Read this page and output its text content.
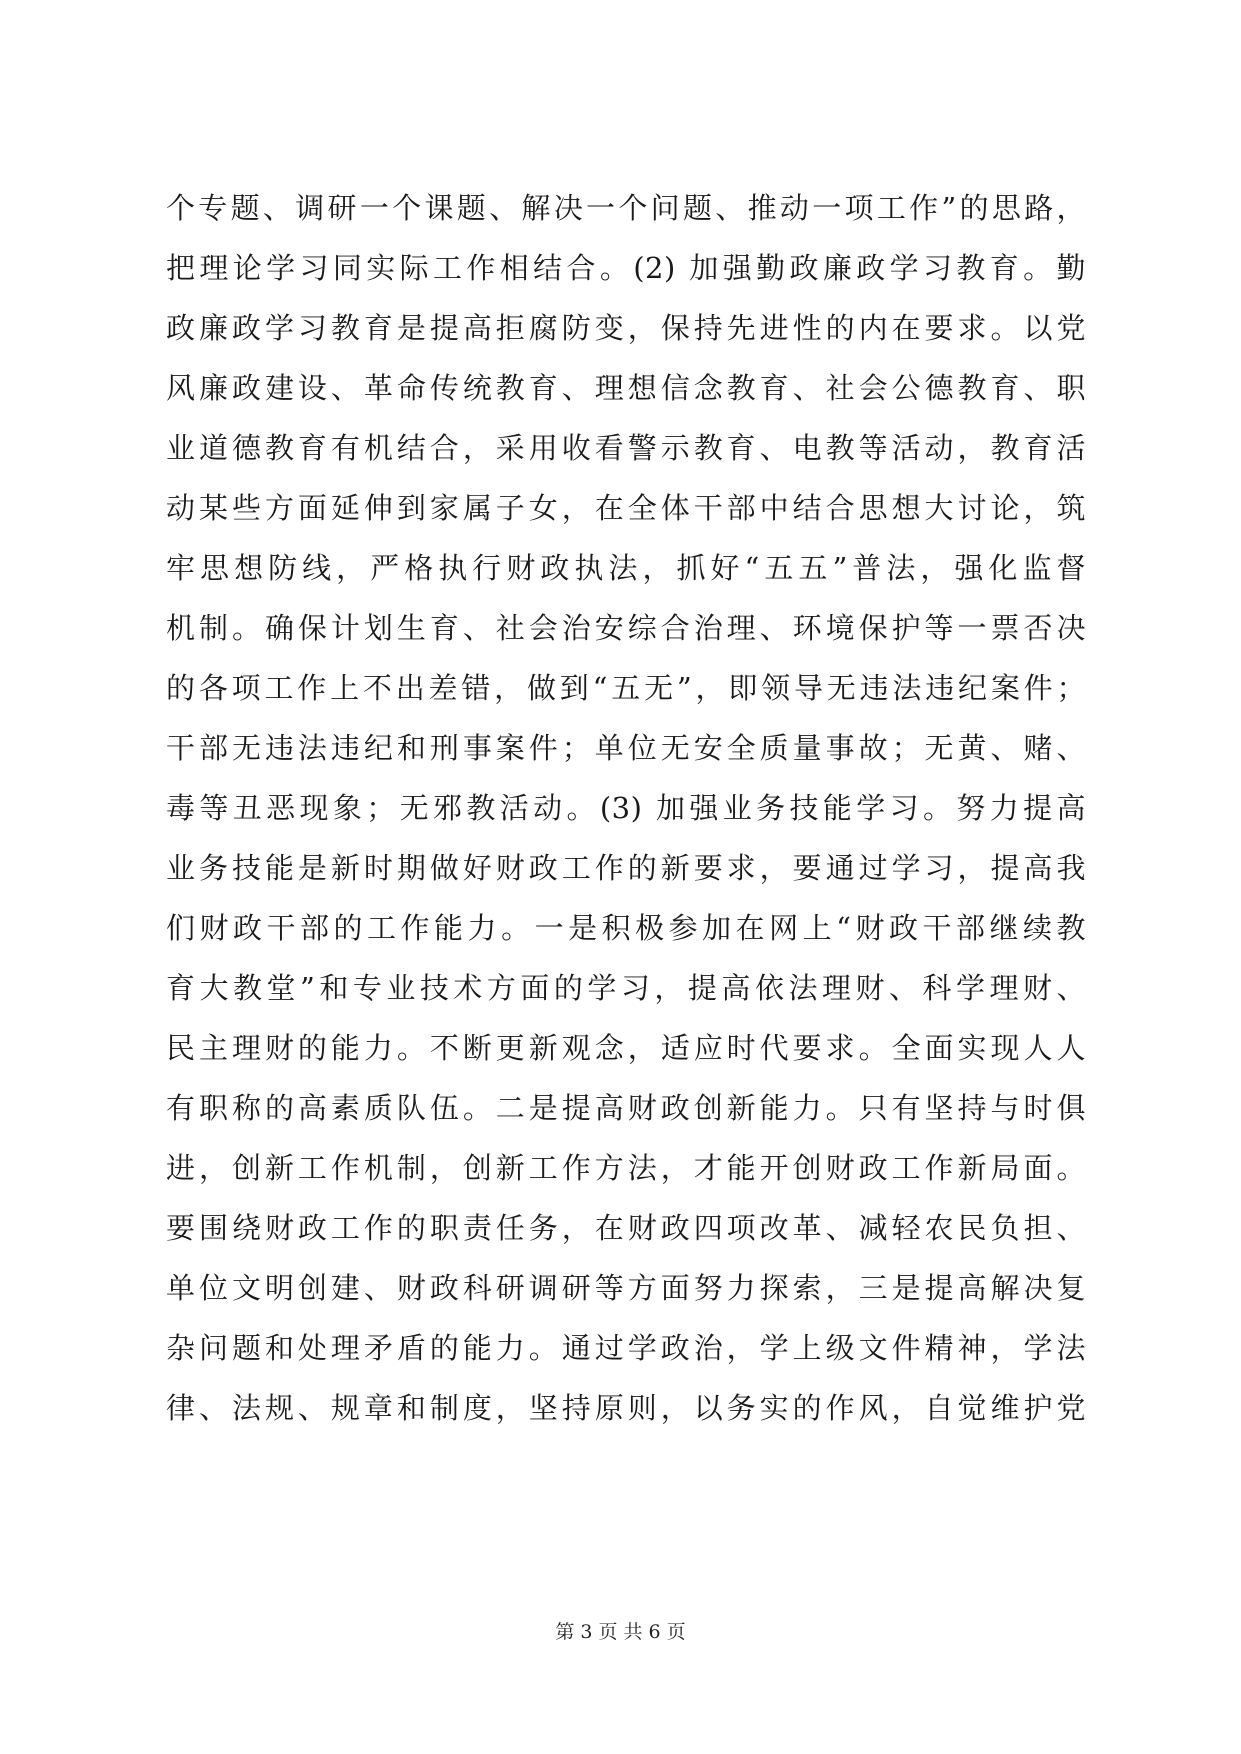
个专题、调研一个课题、解决一个问题、推动一项工作”的思路，
把理论学习同实际工作相结合。(2) 加强勤政廉政学习教育。勤
政廉政学习教育是提高拒腐防变，保持先进性的内在要求。以党
风廉政建设、革命传统教育、理想信念教育、社会公德教育、职
业道德教育有机结合，采用收看警示教育、电教等活动，教育活
动某些方面延伸到家属子女，在全体干部中结合思想大讨论，筑
牢思想防线，严格执行财政执法，抓好“五五”普法，强化监督
机制。确保计划生育、社会治安综合治理、环境保护等一票否决
的各项工作上不出差错，做到“五无”，即领导无违法违纪案件；
干部无违法违纪和刑事案件；单位无安全质量事故；无黄、赌、
毒等丑恶现象；无邪教活动。(3) 加强业务技能学习。努力提高
业务技能是新时期做好财政工作的新要求，要通过学习，提高我
们财政干部的工作能力。一是积极参加在网上“财政干部继续教
育大教堂”和专业技术方面的学习，提高依法理财、科学理财、
民主理财的能力。不断更新观念，适应时代要求。全面实现人人
有职称的高素质队伍。二是提高财政创新能力。只有坚持与时俱
进，创新工作机制，创新工作方法，才能开创财政工作新局面。
要围绕财政工作的职责任务，在财政四项改革、减轻农民负担、
单位文明创建、财政科研调研等方面努力探索，三是提高解决复
杂问题和处理矛盾的能力。通过学政治，学上级文件精神，学法
律、法规、规章和制度，坚持原则，以务实的作风，自觉维护党
第 3 页 共 6 页
